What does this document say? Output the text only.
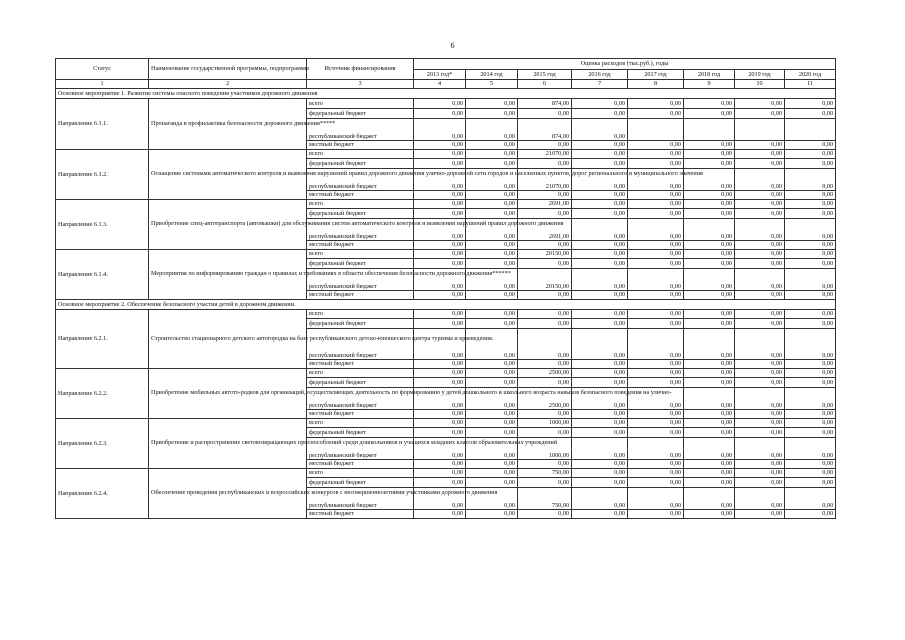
6
Статус	Наименование государственной программы, подпрограммы	Источник финансирования	Оценка расходов (тыс.руб.), годы							
			2013 год*	2014 год	2015 год	2016 год	2017 год	2018 год	2019 год	2020 год
1	2	3	4	5	6	7	8	9	10	11
Основное мероприятие 1. Развитие системы опасного поведения участников дорожного движения										
Направление 6.1.1.	Пропаганда в профилактика безопасности дорожного движения*****	всего	0,00	0,00	874,00	0,00	0,00	0,00	0,00	0,00
		федеральный бюджет	0,00	0,00	0,00	0,00	0,00	0,00	0,00	0,00
		республиканский бюджет	0,00	0,00	874,00	0,00				
		местный бюджет	0,00	0,00	0,00	0,00	0,00	0,00	0,00	0,00
Направление 6.1.2.	Оснащение системами автоматического контроля и выявления нарушений правил дорожного движения улично-дорожной сети городов и населенных пунктов, дорог регионального и муниципального значения	всего	0,00	0,00	21070,00	0,00	0,00	0,00	0,00	0,00
		федеральный бюджет	0,00	0,00	0,00	0,00	0,00	0,00	0,00	0,00
		республиканский бюджет	0,00	0,00	21070,00	0,00	0,00	0,00	0,00	0,00
		местный бюджет	0,00	0,00	0,00	0,00	0,00	0,00	0,00	0,00
Направление 6.1.3.	Приобретение спец-автотранспорта (автовышки) для обслуживания систем автоматического контроля и выявления нарушений правил дорожного движения	всего	0,00	0,00	2691,00	0,00	0,00	0,00	0,00	0,00
		федеральный бюджет	0,00	0,00	0,00	0,00	0,00	0,00	0,00	0,00
		республиканский бюджет	0,00	0,00	2691,00	0,00	0,00	0,00	0,00	0,00
		местный бюджет	0,00	0,00	0,00	0,00	0,00	0,00	0,00	0,00
Направление 6.1.4.	Мероприятия по информированию граждан о правилах и требованиях в области обеспечения безопасности дорожного движения******	всего	0,00	0,00	20150,00	0,00	0,00	0,00	0,00	0,00
		федеральный бюджет	0,00	0,00	0,00	0,00	0,00	0,00	0,00	0,00
		республиканский бюджет	0,00	0,00	20150,00	0,00	0,00	0,00	0,00	0,00
		местный бюджет	0,00	0,00	0,00	0,00	0,00	0,00	0,00	0,00
Основное мероприятие 2. Обеспечение безопасного участия детей в дорожном движении.										
Направление 6.2.1.	Строительство стационарного детского автогородка на базе республиканского детско-юношеского центра туризма и краеведения.	всего	0,00	0,00	0,00	0,00	0,00	0,00	0,00	0,00
		федеральный бюджет	0,00	0,00	0,00	0,00	0,00	0,00	0,00	0,00
		республиканский бюджет	0,00	0,00	0,00	0,00	0,00	0,00	0,00	0,00
		местный бюджет	0,00	0,00	0,00	0,00	0,00	0,00	0,00	0,00
Направление 6.2.2.	Приобретение мобильных автото-родков для организаций, осуществляющих деятельность по формированию у детей дошкольного и школьного возраста навыков безопасного поведения на улично-	всего	0,00	0,00	2500,00	0,00	0,00	0,00	0,00	0,00
		федеральный бюджет	0,00	0,00	0,00	0,00	0,00	0,00	0,00	0,00
		республиканский бюджет	0,00	0,00	2500,00	0,00	0,00	0,00	0,00	0,00
		местный бюджет	0,00	0,00	0,00	0,00	0,00	0,00	0,00	0,00
Направление 6.2.3.	Приобретение и распространение световозвращающих приспособлений среди дошкольников и учащихся младших классов образовательных учреждений	всего	0,00	0,00	1000,00	0,00	0,00	0,00	0,00	0,00
		федеральный бюджет	0,00	0,00	0,00	0,00	0,00	0,00	0,00	0,00
		республиканский бюджет	0,00	0,00	1000,00	0,00	0,00	0,00	0,00	0,00
		местный бюджет	0,00	0,00	0,00	0,00	0,00	0,00	0,00	0,00
Направление 6.2.4.	Обеспечение проведения республиканских и всероссийских конкурсов с несовершеннолетними участниками дорожного движения	всего	0,00	0,00	750,00	0,00	0,00	0,00	0,00	0,00
		федеральный бюджет	0,00	0,00	0,00	0,00	0,00	0,00	0,00	0,00
		республиканский бюджет	0,00	0,00	750,00	0,00	0,00	0,00	0,00	0,00
		местный бюджет	0,00	0,00	0,00	0,00	0,00	0,00	0,00	0,00
